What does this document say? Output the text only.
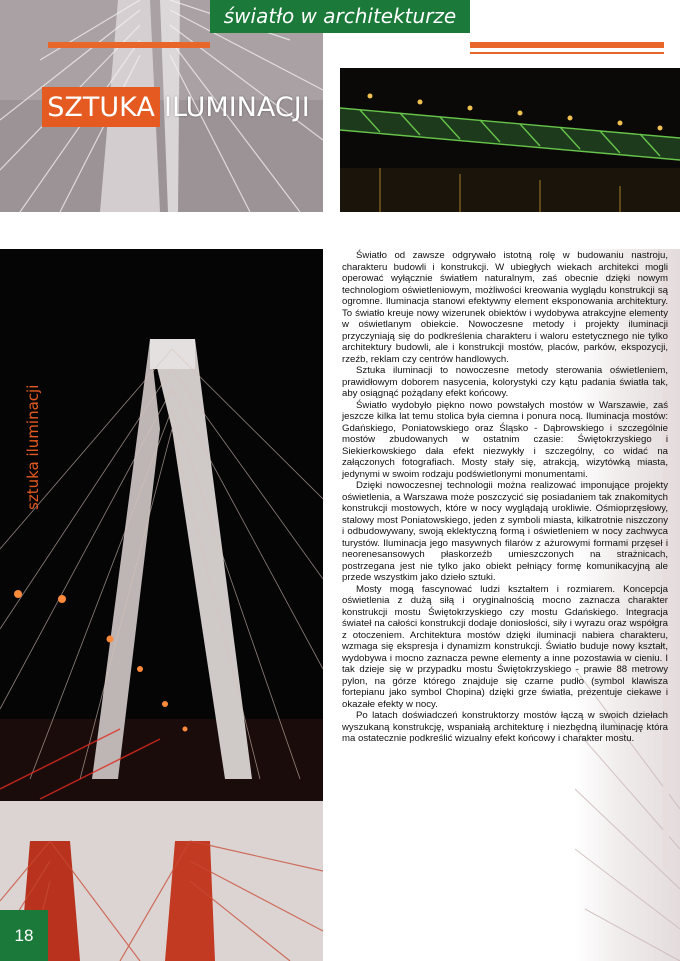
światło w architekturze
SZTUKA ILUMINACJI
sztuka iluminacji

Światło od zawsze odgrywało istotną rolę w budowaniu nastroju, charakteru budowli i konstrukcji. W ubiegłych wiekach architekci mogli operować wyłącznie światłem naturalnym, zaś obecnie dzięki nowym technologiom oświetleniowym, możliwości kreowania wyglądu konstrukcji są ogromne. Iluminacja stanowi efektywny element eksponowania architektury. To światło kreuje nowy wizerunek obiektów i wydobywa atrakcyjne elementy w oświetlanym obiekcie. Nowoczesne metody i projekty iluminacji przyczyniają się do podkreślenia charakteru i waloru estetycznego nie tylko architektury budowli, ale i konstrukcji mostów, placów, parków, ekspozycji, rzeźb, reklam czy centrów handlowych.

Sztuka iluminacji to nowoczesne metody sterowania oświetleniem, prawidłowym doborem nasycenia, kolorystyki czy kątu padania światła tak, aby osiągnąć pożądany efekt końcowy.

Światło wydobyło piękno nowo powstałych mostów w Warszawie, zaś jeszcze kilka lat temu stolica była ciemna i ponura nocą. Iluminacja mostów: Gdańskiego, Poniatowskiego oraz Śląsko - Dąbrowskiego i szczególnie mostów zbudowanych w ostatnim czasie: Świętokrzyskiego i Siekierkowskiego dała efekt niezwykły i szczególny, co widać na załączonych fotografiach. Mosty stały się, atrakcją, wizytówką miasta, jedynymi w swoim rodzaju podświetlonymi monumentami.

Dzięki nowoczesnej technologii można realizować imponujące projekty oświetlenia, a Warszawa może poszczycić się posiadaniem tak znakomitych konstrukcji mostowych, które w nocy wyglądają urokliwie. Ośmioprzęsłowy, stalowy most Poniatowskiego, jeden z symboli miasta, kilkatrotnie niszczony i odbudowywany, swoją eklektyczną formą i oświetleniem w nocy zachwyca turystów. Iluminacja jego masywnych filarów z ażurowymi formami przęseł i neorenesansowych płaskorzeźb umieszczonych na strażnicach, postrzegana jest nie tylko jako obiekt pełniący formę komunikacyjną ale przede wszystkim jako dzieło sztuki.

Mosty mogą fascynować ludzi kształtem i rozmiarem. Koncepcja oświetlenia z dużą siłą i oryginalnością mocno zaznacza charakter konstrukcji mostu Świętokrzyskiego czy mostu Gdańskiego. Integracja świateł na całości konstrukcji dodaje doniosłości, siły i wyrazu oraz współgra z otoczeniem. Architektura mostów dzięki iluminacji nabiera charakteru, wzmaga się ekspresja i dynamizm konstrukcji. Światło buduje nowy kształt, wydobywa i mocno zaznacza pewne elementy a inne pozostawia w cieniu. I tak dzieje się w przypadku mostu Świętokrzyskiego - prawie 88 metrowy pylon, na górze którego znajduje się czarne pudło (symbol klawisza fortepianu jako symbol Chopina) dzięki grze światła, prezentuje ciekawe i okazałe efekty w nocy.

Po latach doświadczeń konstruktorzy mostów łączą w swoich dziełach wyszukaną konstrukcję, wspaniałą architekturę i niezbędną iluminację która ma ostatecznie podkreślić wizualny efekt końcowy i charakter mostu.

18
